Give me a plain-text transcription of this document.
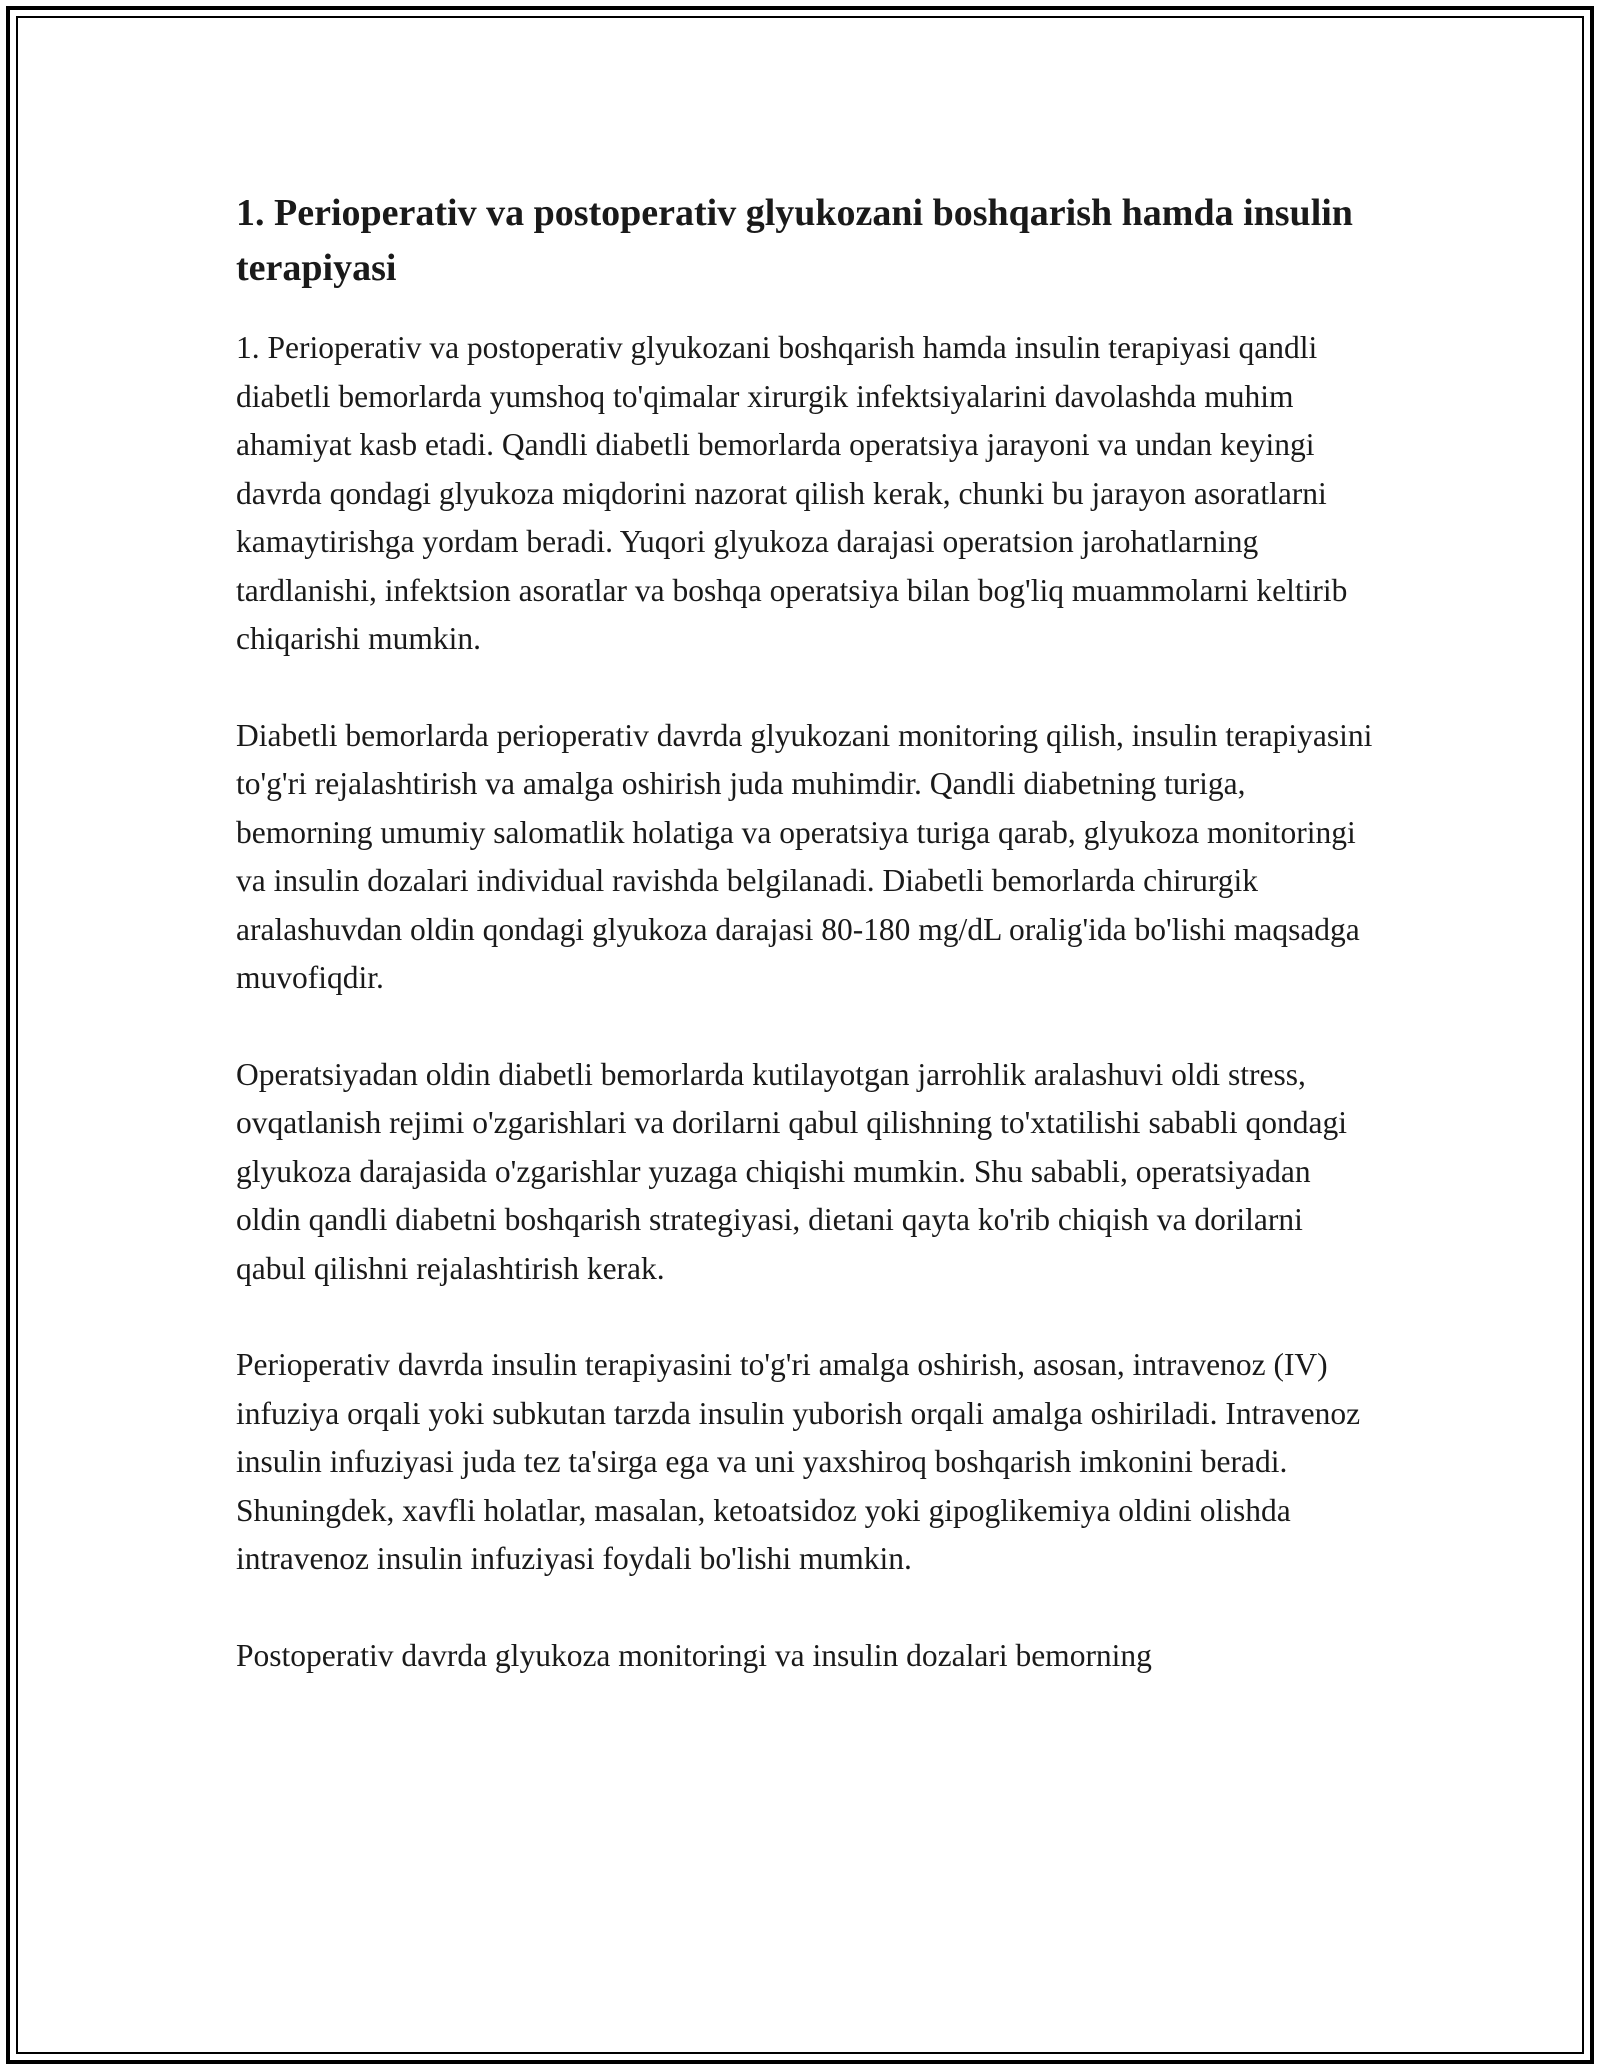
1. Perioperativ va postoperativ glyukozani boshqarish hamda insulin terapiyasi

1. Perioperativ va postoperativ glyukozani boshqarish hamda insulin terapiyasi qandli diabetli bemorlarda yumshoq to'qimalar xirurgik infektsiyalarini davolashda muhim ahamiyat kasb etadi. Qandli diabetli bemorlarda operatsiya jarayoni va undan keyingi davrda qondagi glyukoza miqdorini nazorat qilish kerak, chunki bu jarayon asoratlarni kamaytirishga yordam beradi. Yuqori glyukoza darajasi operatsion jarohatlarning tardlanishi, infektsion asoratlar va boshqa operatsiya bilan bog'liq muammolarni keltirib chiqarishi mumkin.

Diabetli bemorlarda perioperativ davrda glyukozani monitoring qilish, insulin terapiyasini to'g'ri rejalashtirish va amalga oshirish juda muhimdir. Qandli diabetning turiga, bemorning umumiy salomatlik holatiga va operatsiya turiga qarab, glyukoza monitoringi va insulin dozalari individual ravishda belgilanadi. Diabetli bemorlarda chirurgik aralashuvdan oldin qondagi glyukoza darajasi 80-180 mg/dL oralig'ida bo'lishi maqsadga muvofiqdir.

Operatsiyadan oldin diabetli bemorlarda kutilayotgan jarrohlik aralashuvi oldi stress, ovqatlanish rejimi o'zgarishlari va dorilarni qabul qilishning to'xtatilishi sababli qondagi glyukoza darajasida o'zgarishlar yuzaga chiqishi mumkin. Shu sababli, operatsiyadan oldin qandli diabetni boshqarish strategiyasi, dietani qayta ko'rib chiqish va dorilarni qabul qilishni rejalashtirish kerak.

Perioperativ davrda insulin terapiyasini to'g'ri amalga oshirish, asosan, intravenoz (IV) infuziya orqali yoki subkutan tarzda insulin yuborish orqali amalga oshiriladi. Intravenoz insulin infuziyasi juda tez ta'sirga ega va uni yaxshiroq boshqarish imkonini beradi. Shuningdek, xavfli holatlar, masalan, ketoatsidoz yoki gipoglikemiya oldini olishda intravenoz insulin infuziyasi foydali bo'lishi mumkin.

Postoperativ davrda glyukoza monitoringi va insulin dozalari bemorning
